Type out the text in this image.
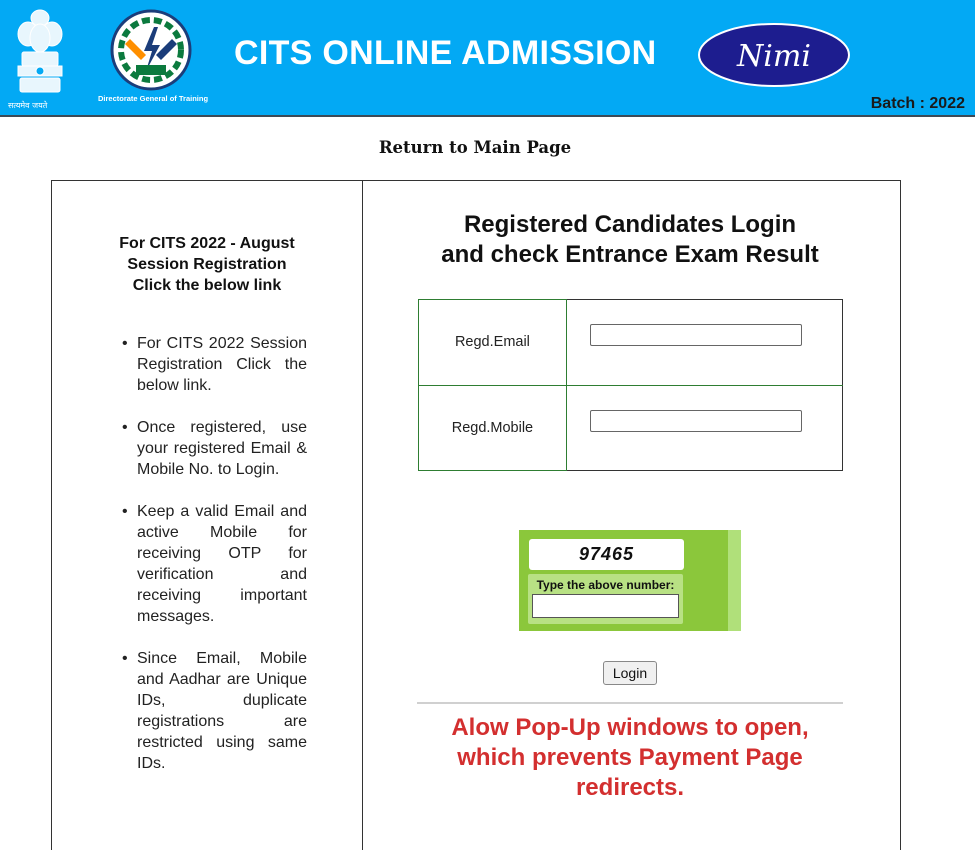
सत्यमेव जयते
Directorate General of Training
CITS ONLINE ADMISSION	Nimi
Batch : 2022
Return to Main Page
For CITS 2022 - August
Session Registration
Click the below link
• For CITS 2022 Session Registration Click the below link.
• Once registered, use your registered Email & Mobile No. to Login.
• Keep a valid Email and active Mobile for receiving OTP for verification and receiving important messages.
• Since Email, Mobile and Aadhar are Unique IDs, duplicate registrations are restricted using same IDs.
Registered Candidates Login
and check Entrance Exam Result
Regd.Email	

Regd.Mobile	
97465
Type the above number:
Login
Alow Pop-Up windows to open, which prevents Payment Page redirects.
